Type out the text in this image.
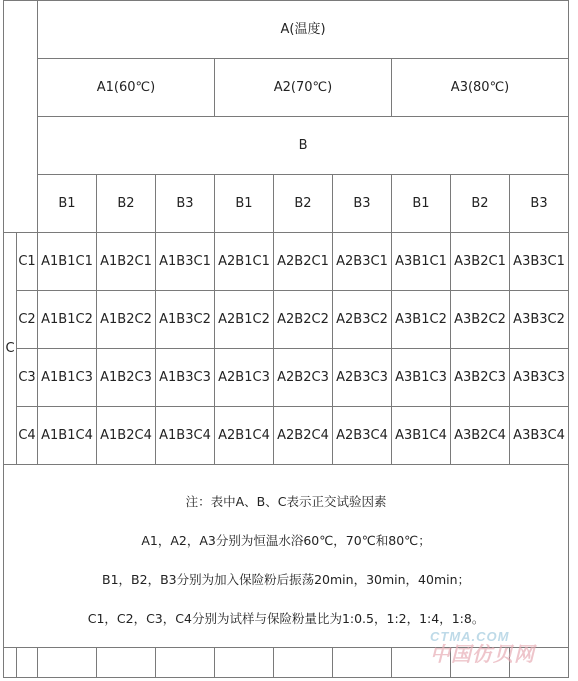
		A(温度)								
		A1(60℃)			A2(70℃)			A3(80℃)		
		B								
		B1	B2	B3	B1	B2	B3	B1	B2	B3
C	C1	A1B1C1	A1B2C1	A1B3C1	A2B1C1	A2B2C1	A2B3C1	A3B1C1	A3B2C1	A3B3C1
	C2	A1B1C2	A1B2C2	A1B3C2	A2B1C2	A2B2C2	A2B3C2	A3B1C2	A3B2C2	A3B3C2
	C3	A1B1C3	A1B2C3	A1B3C3	A2B1C3	A2B2C3	A2B3C3	A3B1C3	A3B2C3	A3B3C3
	C4	A1B1C4	A1B2C4	A1B3C4	A2B1C4	A2B2C4	A2B3C4	A3B1C4	A3B2C4	A3B3C4

注：表中A、B、C表示正交试验因素
A1，A2，A3分别为恒温水浴60℃，70℃和80℃；
B1，B2，B3分别为加入保险粉后振荡20min，30min，40min；
C1，C2，C3，C4分别为试样与保险粉量比为1:0.5，1:2，1:4，1:8。										

CTMA.COM
中国仿贝网
